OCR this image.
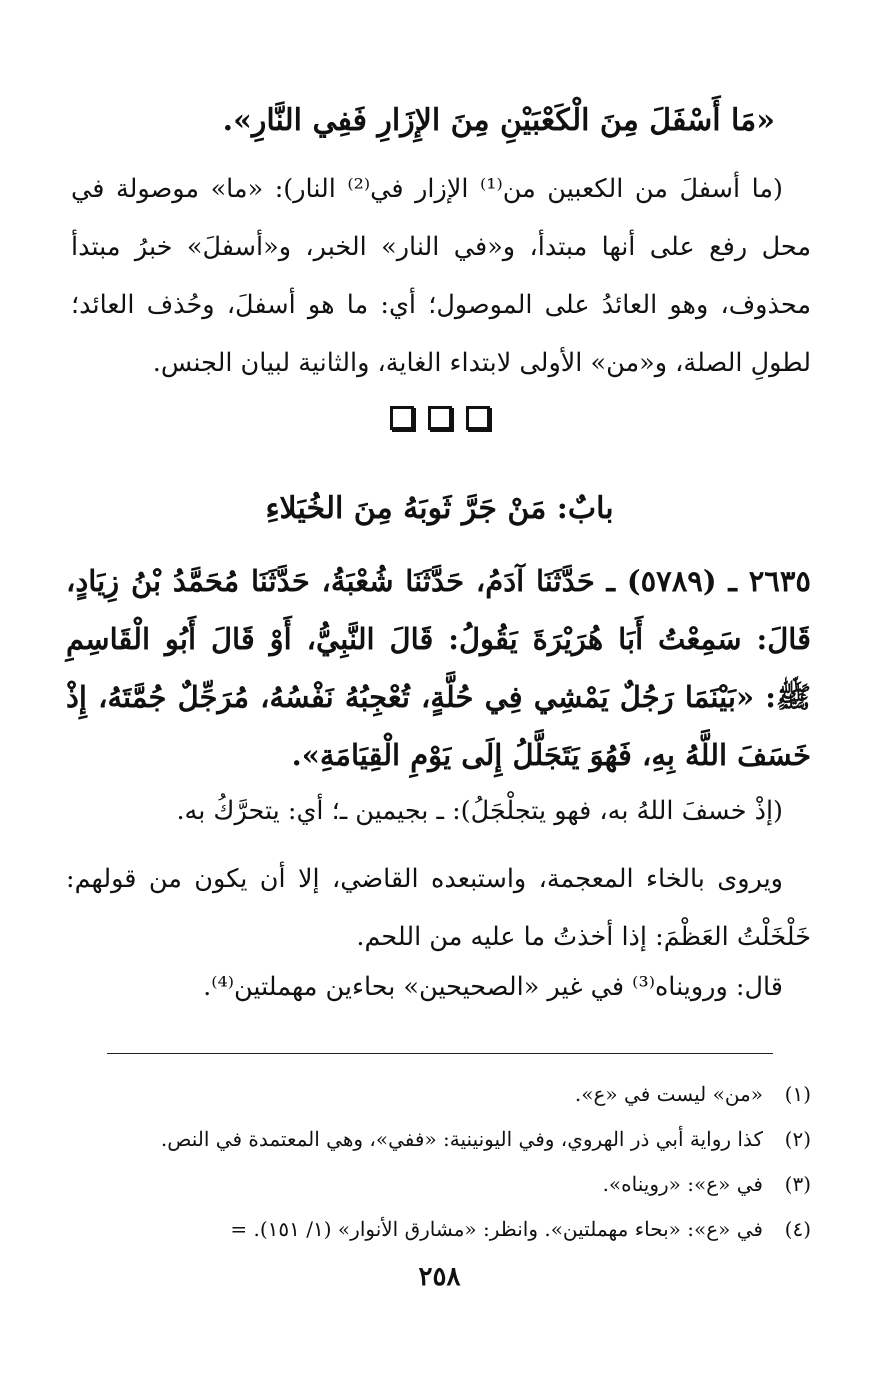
«مَا أَسْفَلَ مِنَ الْكَعْبَيْنِ مِنَ الإِزَارِ فَفِي النَّارِ».
(ما أسفلَ من الكعبين من⁽¹⁾ الإزار في⁽²⁾ النار): «ما» موصولة في محل رفع على أنها مبتدأ، و«في النار» الخبر، و«أسفلَ» خبرُ مبتدأ محذوف، وهو العائدُ على الموصول؛ أي: ما هو أسفلَ، وحُذف العائد؛ لطولِ الصلة، و«من» الأولى لابتداء الغاية، والثانية لبيان الجنس.
بابٌ: مَنْ جَرَّ ثَوبَهُ مِنَ الخُيَلاءِ
٢٦٣٥ ـ (٥٧٨٩) ـ حَدَّثَنَا آدَمُ، حَدَّثَنَا شُعْبَةُ، حَدَّثَنَا مُحَمَّدُ بْنُ زِيَادٍ، قَالَ: سَمِعْتُ أَبَا هُرَيْرَةَ يَقُولُ: قَالَ النَّبِيُّ، أَوْ قَالَ أَبُو الْقَاسِمِ ﷺ: «بَيْنَمَا رَجُلٌ يَمْشِي فِي حُلَّةٍ، تُعْجِبُهُ نَفْسُهُ، مُرَجِّلٌ جُمَّتَهُ، إِذْ خَسَفَ اللَّهُ بِهِ، فَهُوَ يَتَجَلَّلُ إِلَى يَوْمِ الْقِيَامَةِ».
(إذْ خسفَ اللهُ به، فهو يتجلْجَلُ): ـ بجيمين ـ؛ أي: يتحرَّكُ به.
ويروى بالخاء المعجمة، واستبعده القاضي، إلا أن يكون من قولهم: خَلْخَلْتُ العَظْمَ: إذا أخذتُ ما عليه من اللحم.
قال: ورويناه⁽³⁾ في غير «الصحيحين» بحاءين مهملتين⁽⁴⁾.
(١)
«من» ليست في «ع».
(٢)
كذا رواية أبي ذر الهروي، وفي اليونينية: «ففي»، وهي المعتمدة في النص.
(٣)
في «ع»: «رويناه».
(٤)
في «ع»: «بحاء مهملتين». وانظر: «مشارق الأنوار» (١/ ١٥١). =
٢٥٨
